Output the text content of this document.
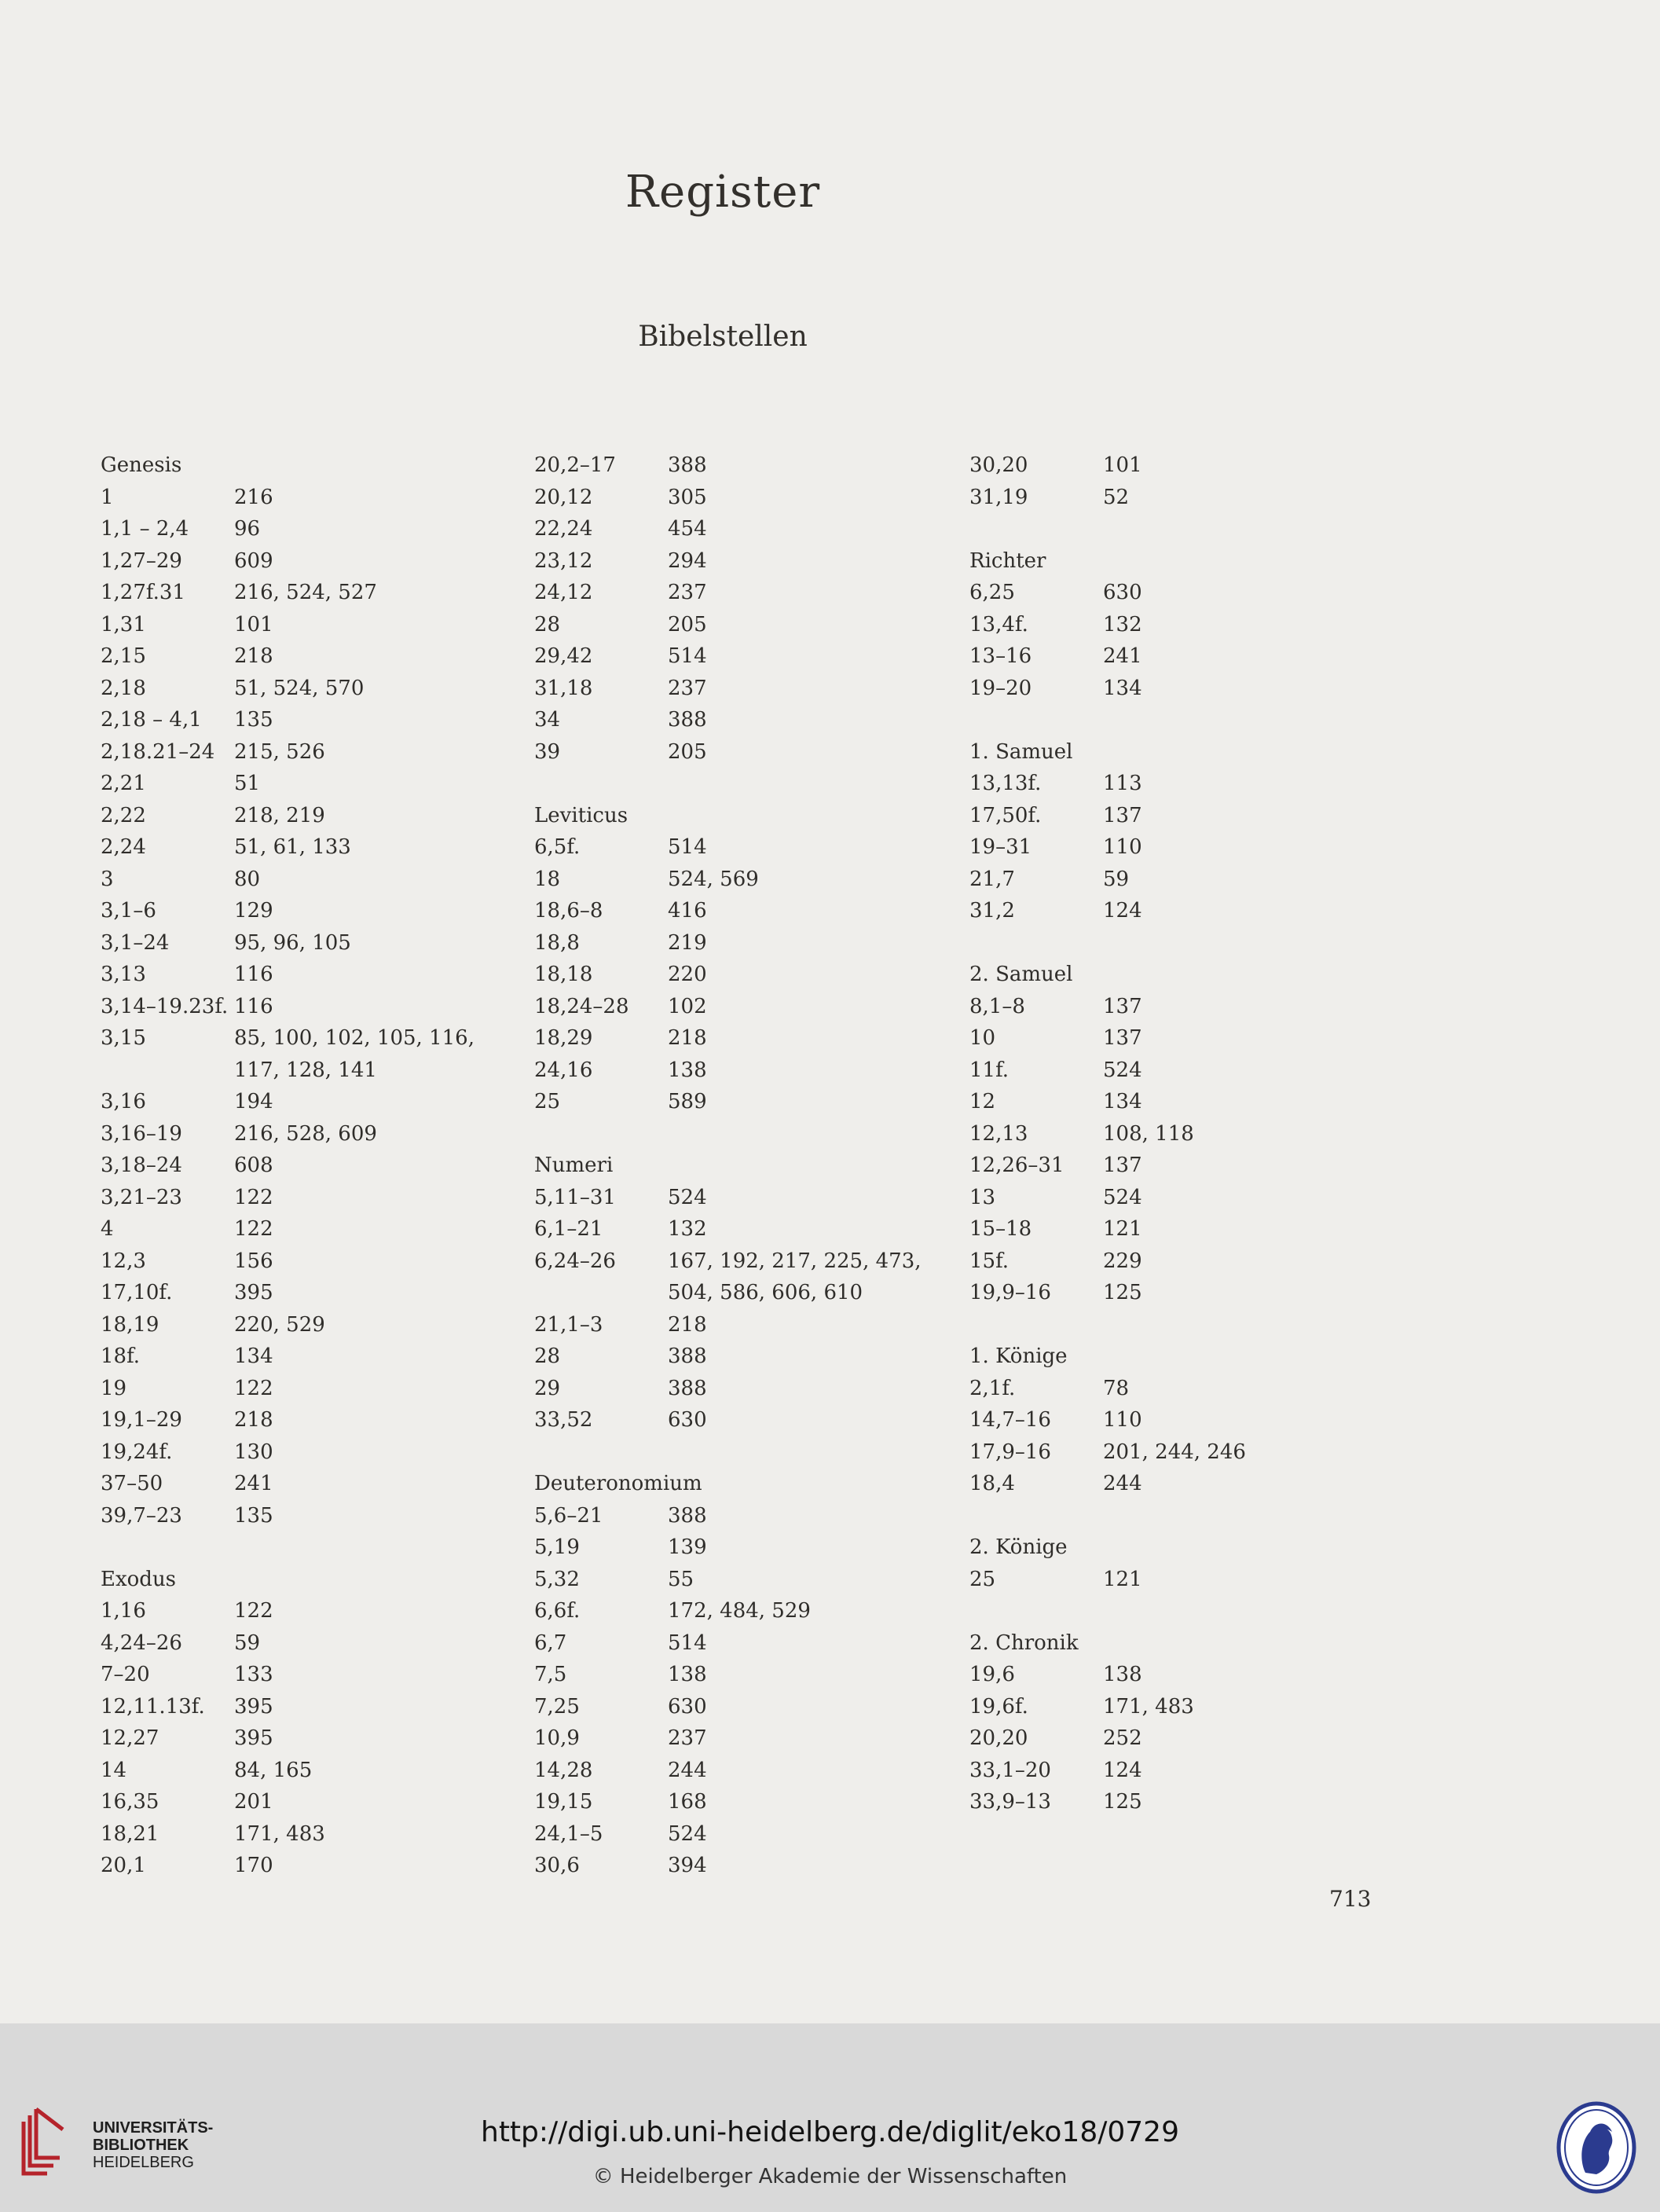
Register
Bibelstellen
Genesis
1	216
1,1 – 2,4	96
1,27–29	609
1,27f.31	216, 524, 527
1,31	101
2,15	218
2,18	51, 524, 570
2,18 – 4,1	135
2,18.21–24 215, 526
2,21	51
2,22	218, 219
2,24	51, 61, 133
3	80
3,1–6	129
3,1–24	95, 96, 105
3,13	116
3,14–19.23f. 116
3,15	85, 100, 102, 105, 116,
117, 128, 141
3,16	194
3,16–19	216, 528, 609
3,18–24	608
3,21–23	122
4	122
12,3	156
17,10f.	395
18,19	220, 529
18f.	134
19	122
19,1–29	218
19,24f.	130
37–50	241
39,7–23	135
Exodus
1,16	122
4,24–26	59
7–20	133
12,11.13f.	395
12,27	395
14	84, 165
16,35	201
18,21	171, 483
20,1	170
20,2–17	388
20,12	305
22,24	454
23,12	294
24,12	237
28	205
29,42	514
31,18	237
34	388
39	205
Leviticus
6,5f.	514
18	524, 569
18,6–8	416
18,8	219
18,18	220
18,24–28	102
18,29	218
24,16	138
25	589
Numeri
5,11–31	524
6,1–21	132
6,24–26	167, 192, 217, 225, 473,
504, 586, 606, 610
21,1–3	218
28	388
29	388
33,52	630
Deuteronomium
5,6–21	388
5,19	139
5,32	55
6,6f.	172, 484, 529
6,7	514
7,5	138
7,25	630
10,9	237
14,28	244
19,15	168
24,1–5	524
30,6	394
30,20	101
31,19	52
Richter
6,25	630
13,4f.	132
13–16	241
19–20	134
1. Samuel
13,13f.	113
17,50f.	137
19–31	110
21,7	59
31,2	124
2. Samuel
8,1–8	137
10	137
11f.	524
12	134
12,13	108, 118
12,26–31	137
13	524
15–18	121
15f.	229
19,9–16	125
1. Könige
2,1f.	78
14,7–16	110
17,9–16	201, 244, 246
18,4	244
2. Könige
25	121
2. Chronik
19,6	138
19,6f.	171, 483
20,20	252
33,1–20	124
33,9–13	125
713
UNIVERSITÄTS-
BIBLIOTHEK
HEIDELBERG
http://digi.ub.uni-heidelberg.de/diglit/eko18/0729
© Heidelberger Akademie der Wissenschaften
